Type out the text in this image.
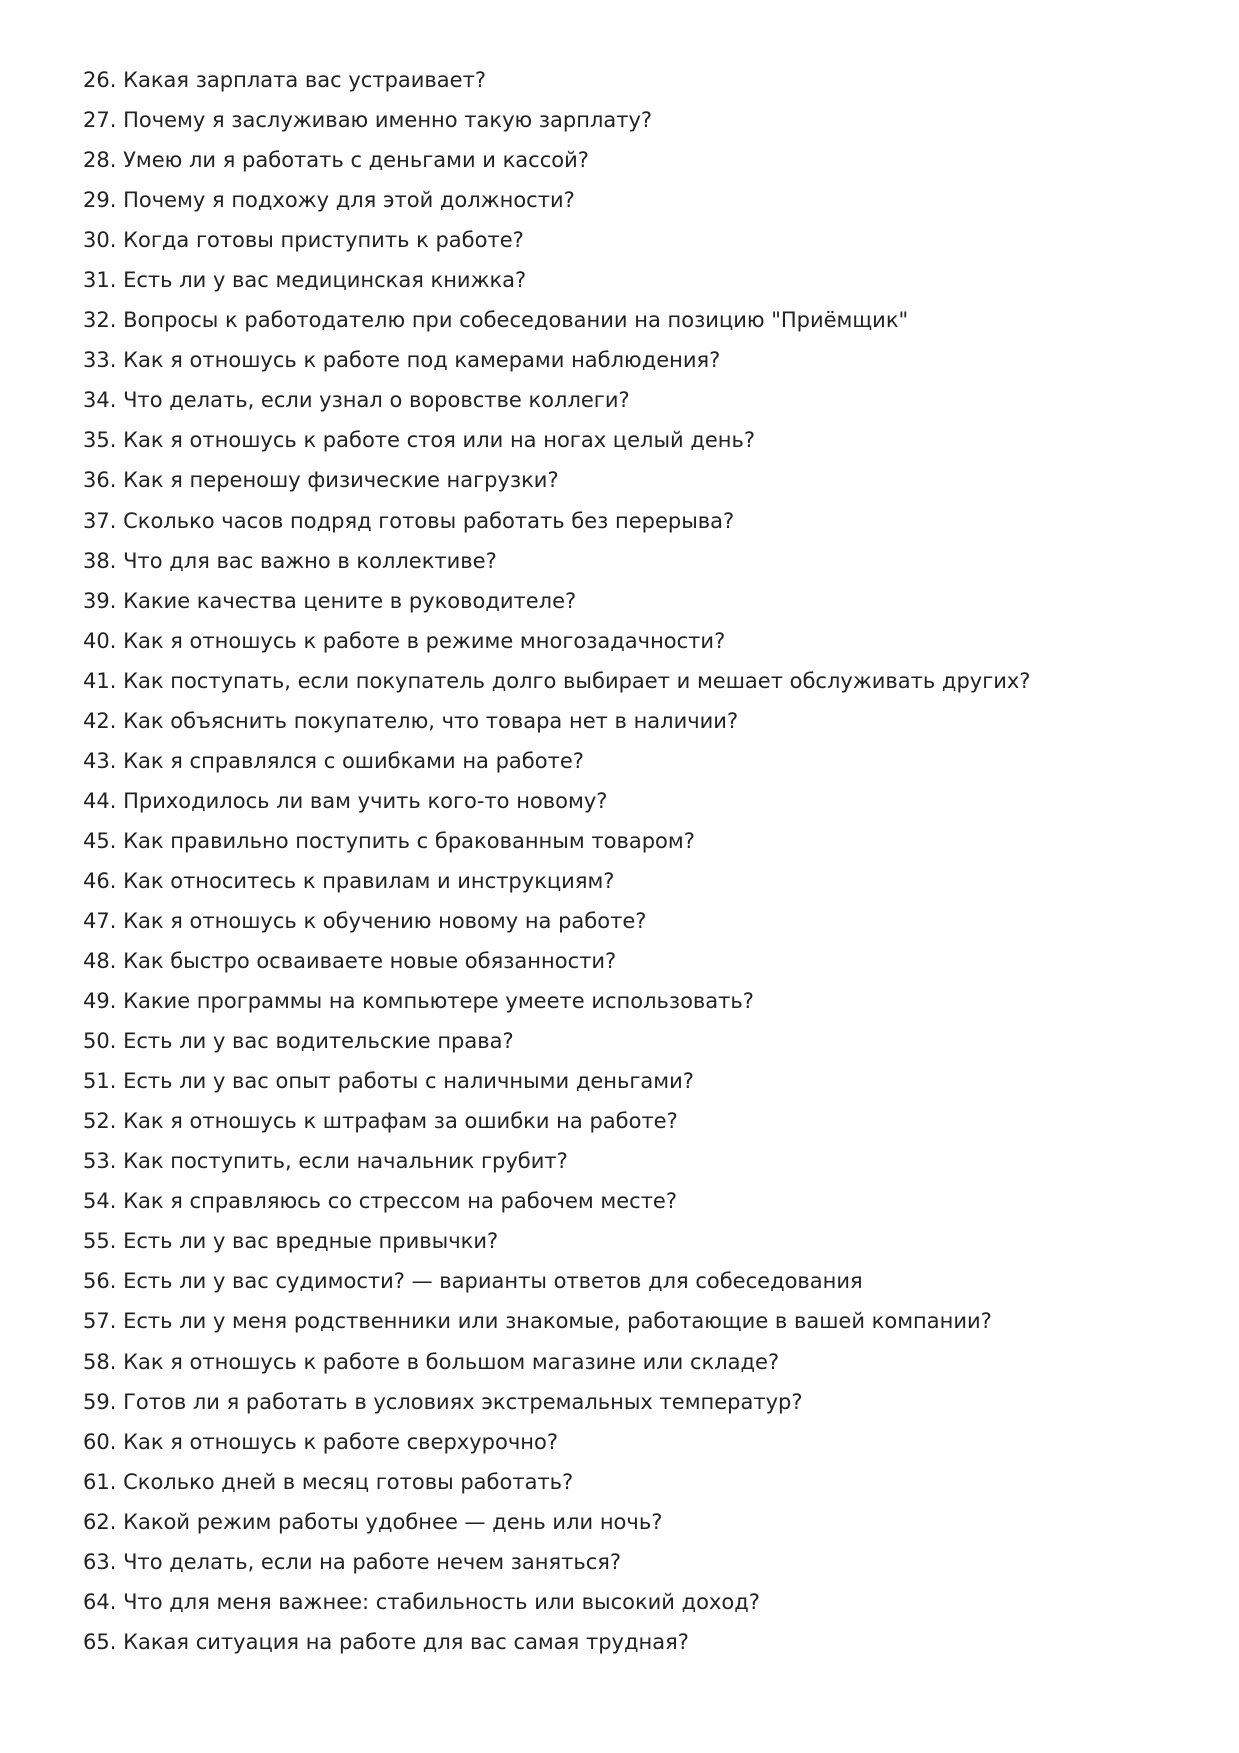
26. Какая зарплата вас устраивает?
27. Почему я заслуживаю именно такую зарплату?
28. Умею ли я работать с деньгами и кассой?
29. Почему я подхожу для этой должности?
30. Когда готовы приступить к работе?
31. Есть ли у вас медицинская книжка?
32. Вопросы к работодателю при собеседовании на позицию "Приёмщик"
33. Как я отношусь к работе под камерами наблюдения?
34. Что делать, если узнал о воровстве коллеги?
35. Как я отношусь к работе стоя или на ногах целый день?
36. Как я переношу физические нагрузки?
37. Сколько часов подряд готовы работать без перерыва?
38. Что для вас важно в коллективе?
39. Какие качества цените в руководителе?
40. Как я отношусь к работе в режиме многозадачности?
41. Как поступать, если покупатель долго выбирает и мешает обслуживать других?
42. Как объяснить покупателю, что товара нет в наличии?
43. Как я справлялся с ошибками на работе?
44. Приходилось ли вам учить кого-то новому?
45. Как правильно поступить с бракованным товаром?
46. Как относитесь к правилам и инструкциям?
47. Как я отношусь к обучению новому на работе?
48. Как быстро осваиваете новые обязанности?
49. Какие программы на компьютере умеете использовать?
50. Есть ли у вас водительские права?
51. Есть ли у вас опыт работы с наличными деньгами?
52. Как я отношусь к штрафам за ошибки на работе?
53. Как поступить, если начальник грубит?
54. Как я справляюсь со стрессом на рабочем месте?
55. Есть ли у вас вредные привычки?
56. Есть ли у вас судимости? — варианты ответов для собеседования
57. Есть ли у меня родственники или знакомые, работающие в вашей компании?
58. Как я отношусь к работе в большом магазине или складе?
59. Готов ли я работать в условиях экстремальных температур?
60. Как я отношусь к работе сверхурочно?
61. Сколько дней в месяц готовы работать?
62. Какой режим работы удобнее — день или ночь?
63. Что делать, если на работе нечем заняться?
64. Что для меня важнее: стабильность или высокий доход?
65. Какая ситуация на работе для вас самая трудная?
